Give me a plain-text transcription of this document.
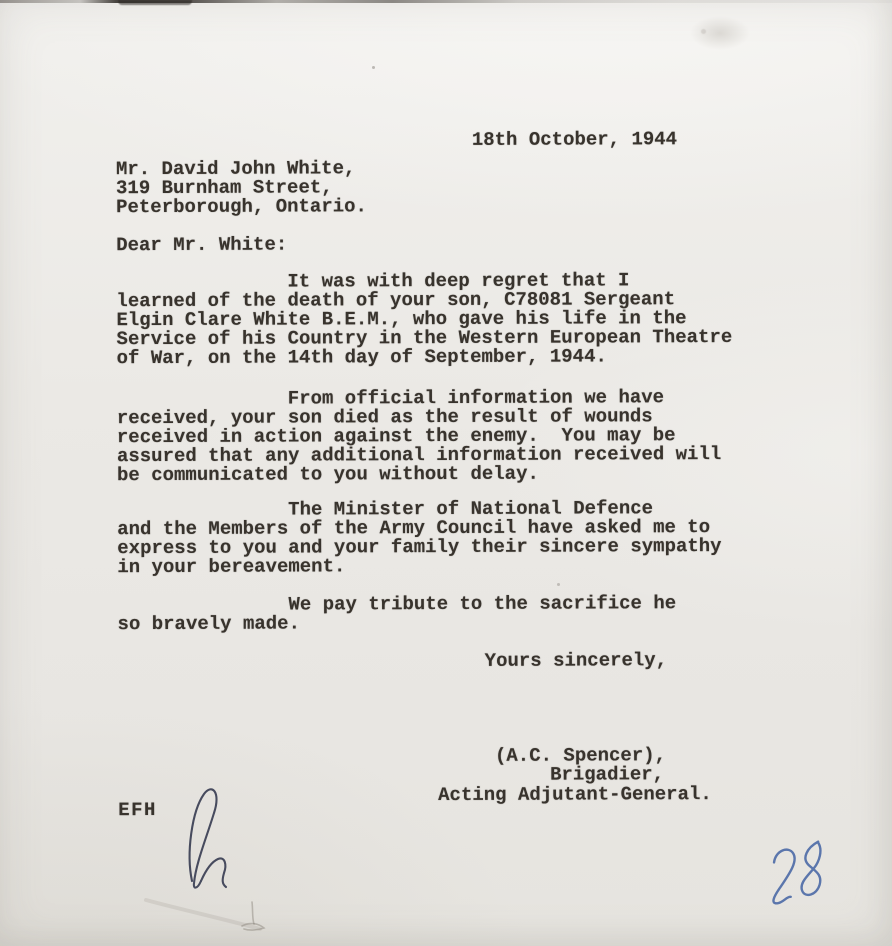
18th October, 1944
Mr. David John White,
319 Burnham Street,
Peterborough, Ontario.
Dear Mr. White:
It was with deep regret that I
learned of the death of your son, C78081 Sergeant
Elgin Clare White B.E.M., who gave his life in the
Service of his Country in the Western European Theatre
of War, on the 14th day of September, 1944.
From official information we have
received, your son died as the result of wounds
received in action against the enemy.  You may be
assured that any additional information received will
be communicated to you without delay.
The Minister of National Defence
and the Members of the Army Council have asked me to
express to you and your family their sincere sympathy
in your bereavement.
We pay tribute to the sacrifice he
so bravely made.
Yours sincerely,
(A.C. Spencer),
Brigadier,
Acting Adjutant-General.
EFH
